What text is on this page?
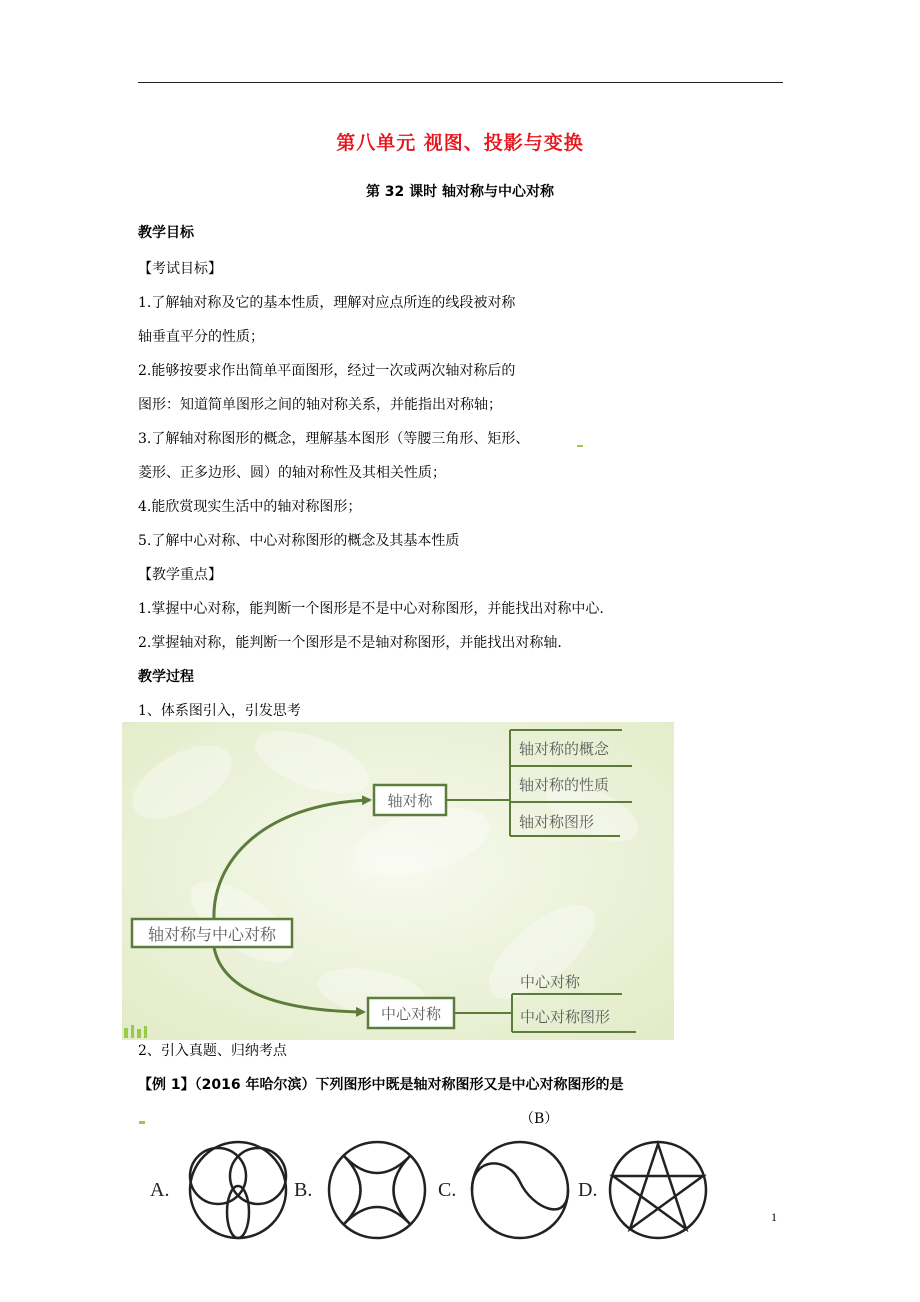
第八单元 视图、投影与变换
第 32 课时 轴对称与中心对称
教学目标
【考试目标】
1.了解轴对称及它的基本性质，理解对应点所连的线段被对称
轴垂直平分的性质；
2.能够按要求作出简单平面图形，经过一次或两次轴对称后的
图形：知道简单图形之间的轴对称关系，并能指出对称轴；
3.了解轴对称图形的概念，理解基本图形（等腰三角形、矩形、
菱形、正多边形、圆）的轴对称性及其相关性质；
4.能欣赏现实生活中的轴对称图形；
5.了解中心对称、中心对称图形的概念及其基本性质
【教学重点】
1.掌握中心对称，能判断一个图形是不是中心对称图形，并能找出对称中心.
2.掌握轴对称，能判断一个图形是不是轴对称图形，并能找出对称轴.
教学过程
1、体系图引入，引发思考
轴对称与中心对称
轴对称
轴对称的概念
轴对称的性质
轴对称图形
中心对称
中心对称
中心对称图形
2、引入真题、归纳考点
【例 1】（2016 年哈尔滨）下列图形中既是轴对称图形又是中心对称图形的是
（B）
A.	B.	C.	D.
1
